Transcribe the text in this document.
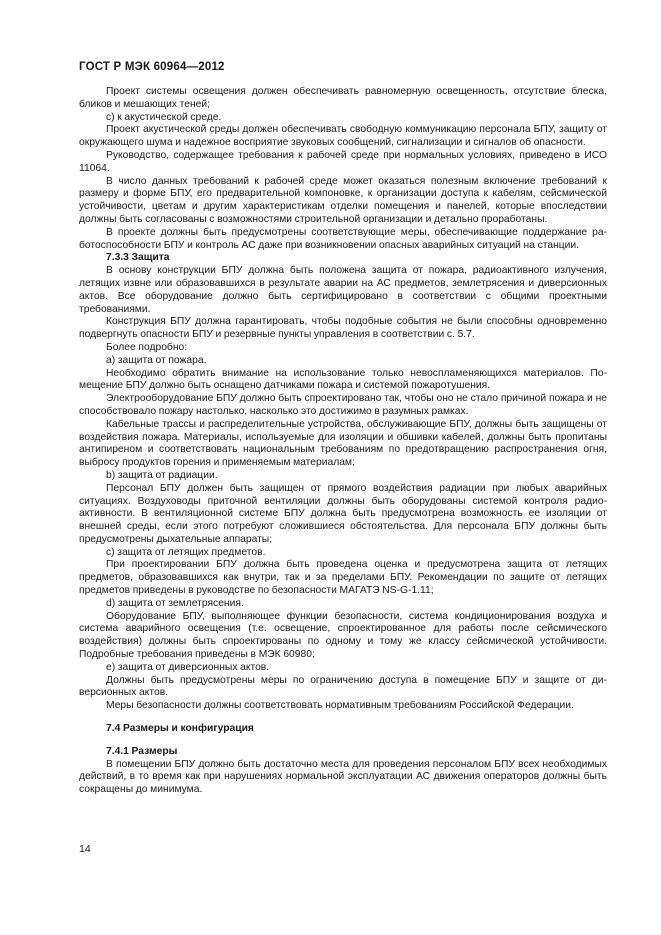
ГОСТ Р МЭК 60964—2012

Проект системы освещения должен обеспечивать равномерную освещенность, отсутствие блеска, бликов и мешающих теней;

c) к акустической среде.

Проект акустической среды должен обеспечивать свободную коммуникацию персонала БПУ, защиту от окружающего шума и надежное восприятие звуковых сообщений, сигнализации и сигналов об опасности.

Руководство, содержащее требования к рабочей среде при нормальных условиях, приведено в ИСО 11064.

В число данных требований к рабочей среде может оказаться полезным включение требований к размеру и форме БПУ, его предварительной компоновке, к организации доступа к кабелям, сейсмической устойчивости, цветам и другим характеристикам отделки помещения и панелей, которые впоследствии должны быть согласованы с возможностями строительной организации и детально проработаны.

В проекте должны быть предусмотрены соответствующие меры, обеспечивающие поддержание работоспособности БПУ и контроль АС даже при возникновении опасных аварийных ситуаций на станции.

7.3.3 Защита

В основу конструкции БПУ должна быть положена защита от пожара, радиоактивного излучения, летящих извне или образовавшихся в результате аварии на АС предметов, землетрясения и диверсионных актов. Все оборудование должно быть сертифицировано в соответствии с общими проектными требованиями.

Конструкция БПУ должна гарантировать, чтобы подобные события не были способны одновременно подвергнуть опасности БПУ и резервные пункты управления в соответствии с. 5.7.

Более подробно:

a) защита от пожара.

Необходимо обратить внимание на использование только невоспламеняющихся материалов. Помещение БПУ должно быть оснащено датчиками пожара и системой пожаротушения.

Электрооборудование БПУ должно быть спроектировано так, чтобы оно не стало причиной пожара и не способствовало пожару настолько, насколько это достижимо в разумных рамках.

Кабельные трассы и распределительные устройства, обслуживающие БПУ, должны быть защищены от воздействия пожара. Материалы, используемые для изоляции и обшивки кабелей, должны быть пропитаны антипиреном и соответствовать национальным требованиям по предотвращению распространения огня, выбросу продуктов горения и применяемым материалам;

b) защита от радиации.

Персонал БПУ должен быть защищен от прямого воздействия радиации при любых аварийных ситуациях. Воздуховоды приточной вентиляции должны быть оборудованы системой контроля радиоактивности. В вентиляционной системе БПУ должна быть предусмотрена возможность ее изоляции от внешней среды, если этого потребуют сложившиеся обстоятельства. Для персонала БПУ должны быть предусмотрены дыхательные аппараты;

c) защита от летящих предметов.

При проектировании БПУ должна быть проведена оценка и предусмотрена защита от летящих предметов, образовавшихся как внутри, так и за пределами БПУ. Рекомендации по защите от летящих предметов приведены в руководстве по безопасности МАГАТЭ NS-G-1.11;

d) защита от землетрясения.

Оборудование БПУ, выполняющее функции безопасности, система кондиционирования воздуха и система аварийного освещения (т.е. освещение, спроектированное для работы после сейсмического воздействия) должны быть спроектированы по одному и тому же классу сейсмической устойчивости. Подробные требования приведены в МЭК 60980;

e) защита от диверсионных актов.

Должны быть предусмотрены меры по ограничению доступа в помещение БПУ и защите от диверсионных актов.

Меры безопасности должны соответствовать нормативным требованиям Российской Федерации.

7.4 Размеры и конфигурация

7.4.1 Размеры

В помещении БПУ должно быть достаточно места для проведения персоналом БПУ всех необходимых действий, в то время как при нарушениях нормальной эксплуатации АС движения операторов должны быть сокращены до минимума.

14
